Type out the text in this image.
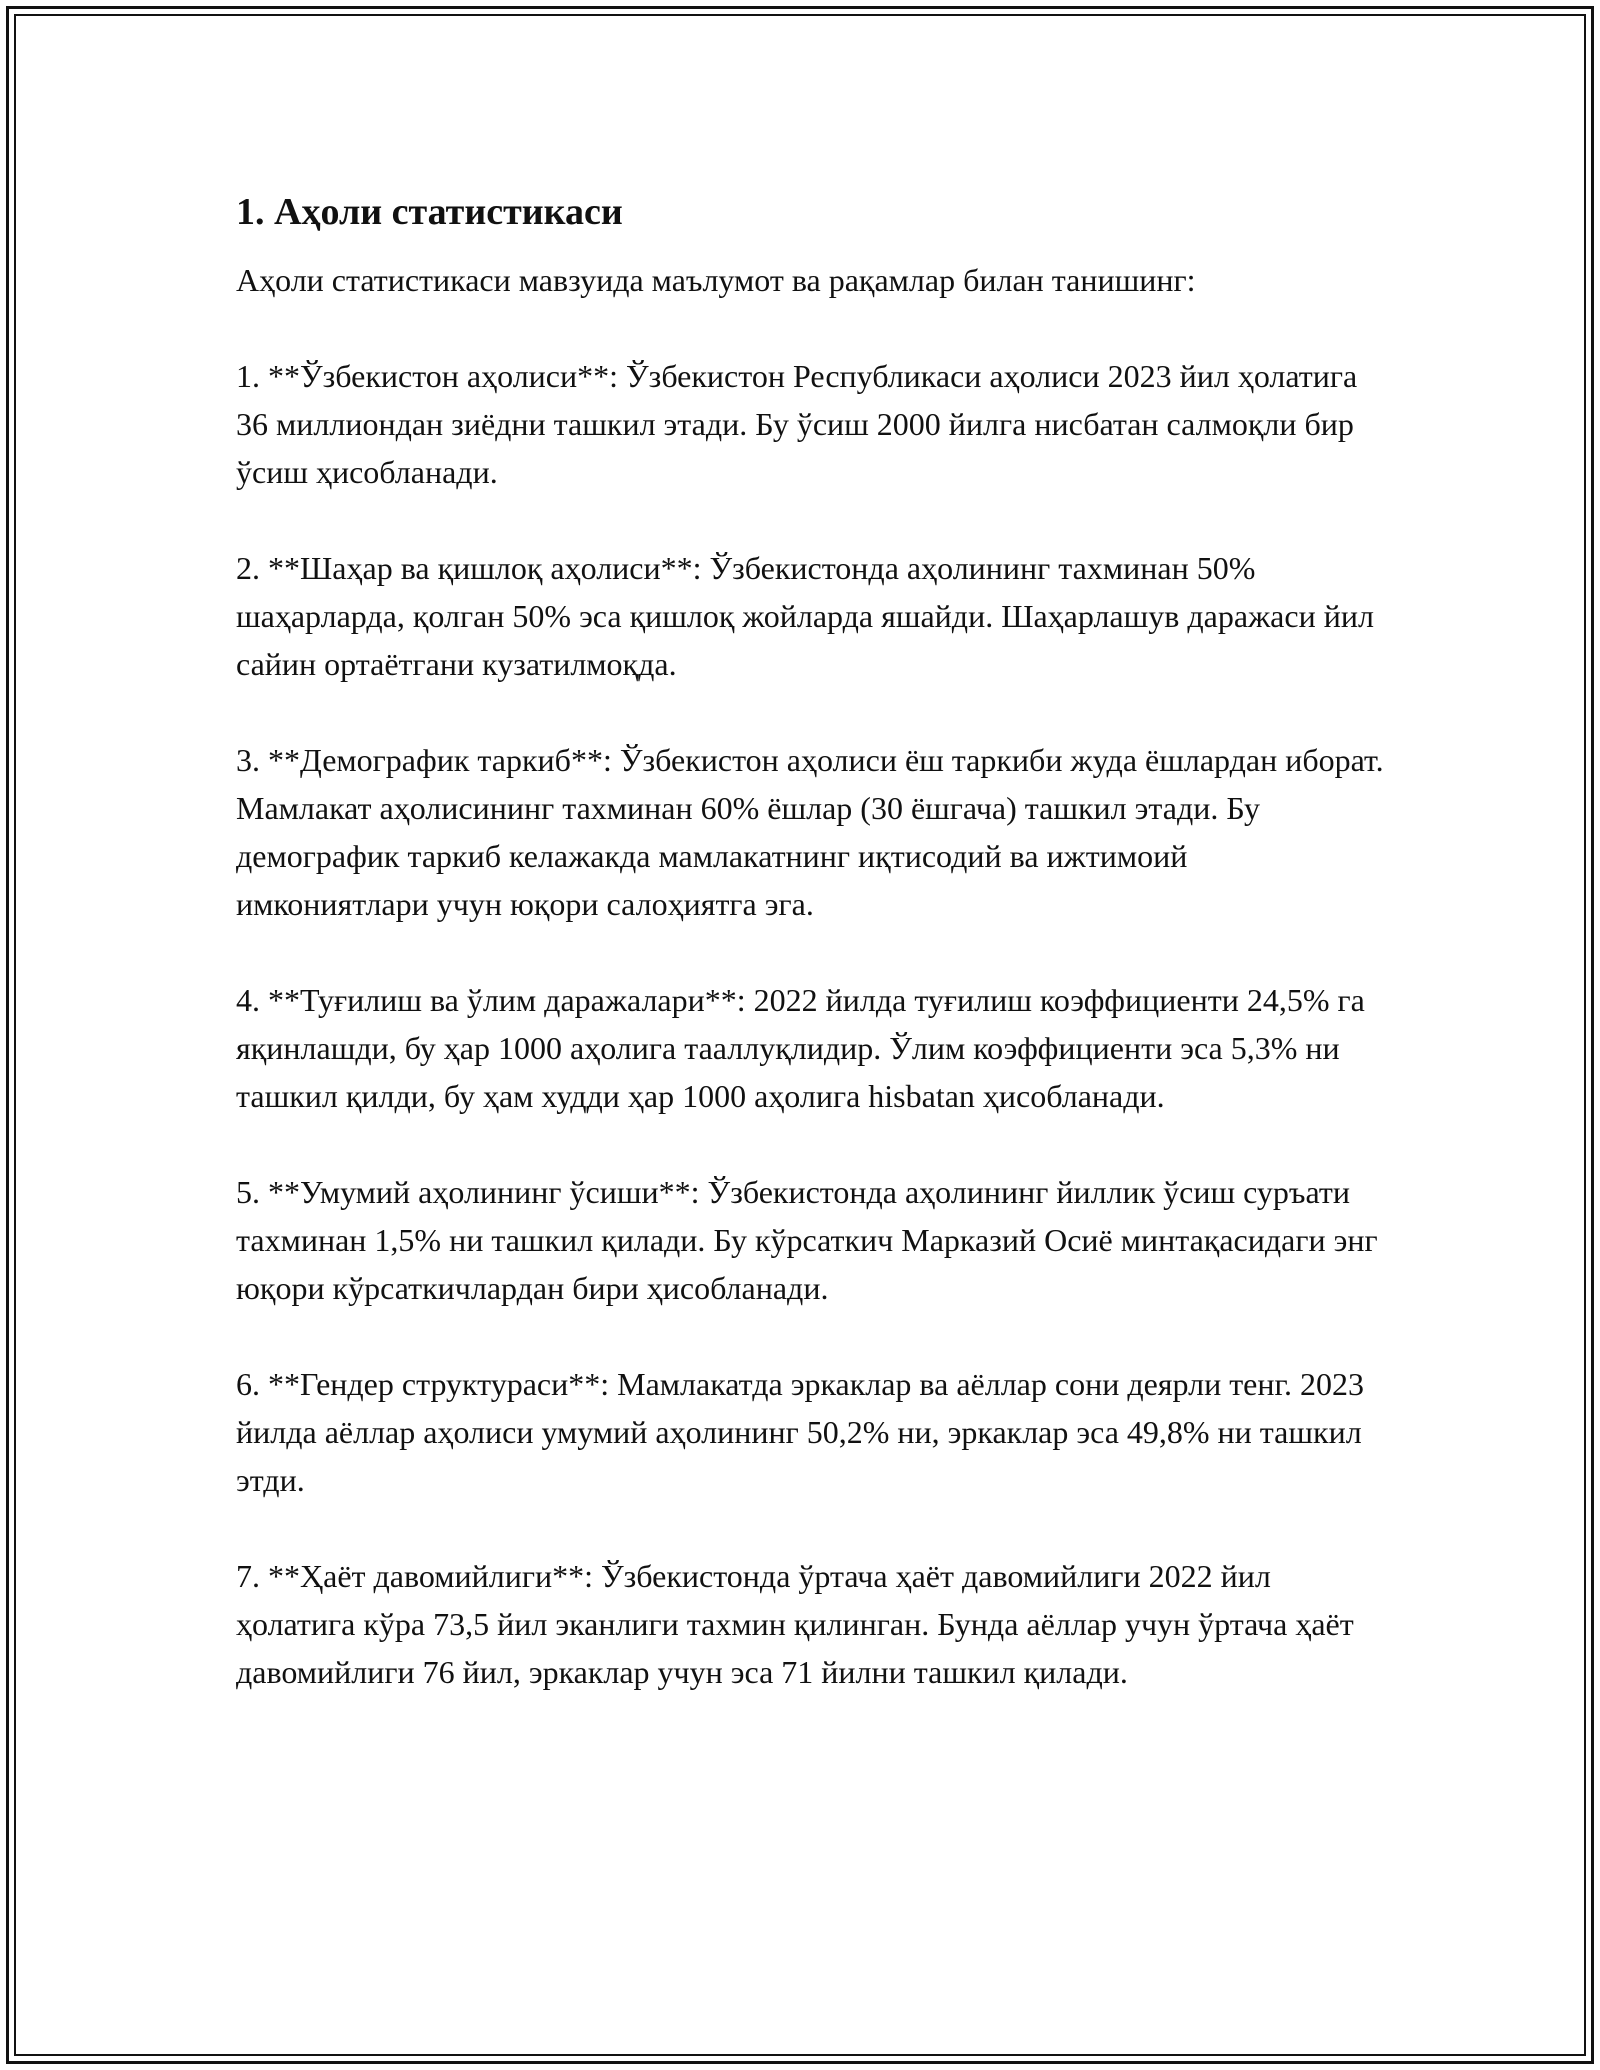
1. Аҳоли статистикаси

Аҳоли статистикаси мавзуида маълумот ва рақамлар билан танишинг:

1. **Ўзбекистон аҳолиси**: Ўзбекистон Республикаси аҳолиси 2023 йил ҳолатига 36 миллиондан зиёдни ташкил этади. Бу ўсиш 2000 йилга нисбатан салмоқли бир ўсиш ҳисобланади.
2. **Шаҳар ва қишлоқ аҳолиси**: Ўзбекистонда аҳолининг тахминан 50% шаҳарларда, қолган 50% эса қишлоқ жойларда яшайди. Шаҳарлашув даражаси йил сайин ортаётгани кузатилмоқда.
3. **Демографик таркиб**: Ўзбекистон аҳолиси ёш таркиби жуда ёшлардан иборат. Мамлакат аҳолисининг тахминан 60% ёшлар (30 ёшгача) ташкил этади. Бу демографик таркиб келажакда мамлакатнинг иқтисодий ва ижтимоий имкониятлари учун юқори салоҳиятга эга.
4. **Туғилиш ва ўлим даражалари**: 2022 йилда туғилиш коэффициенти 24,5% га яқинлашди, бу ҳар 1000 аҳолига тааллуқлидир. Ўлим коэффициенти эса 5,3% ни ташкил қилди, бу ҳам худди ҳар 1000 аҳолига hisbatan ҳисобланади.
5. **Умумий аҳолининг ўсиши**: Ўзбекистонда аҳолининг йиллик ўсиш суръати тахминан 1,5% ни ташкил қилади. Бу кўрсаткич Марказий Осиё минтақасидаги энг юқори кўрсаткичлардан бири ҳисобланади.
6. **Гендер структураси**: Мамлакатда эркаклар ва аёллар сони деярли тенг. 2023 йилда аёллар аҳолиси умумий аҳолининг 50,2% ни, эркаклар эса 49,8% ни ташкил этди.
7. **Ҳаёт давомийлиги**: Ўзбекистонда ўртача ҳаёт давомийлиги 2022 йил ҳолатига кўра 73,5 йил эканлиги тахмин қилинган. Бунда аёллар учун ўртача ҳаёт давомийлиги 76 йил, эркаклар учун эса 71 йилни ташкил қилади.
